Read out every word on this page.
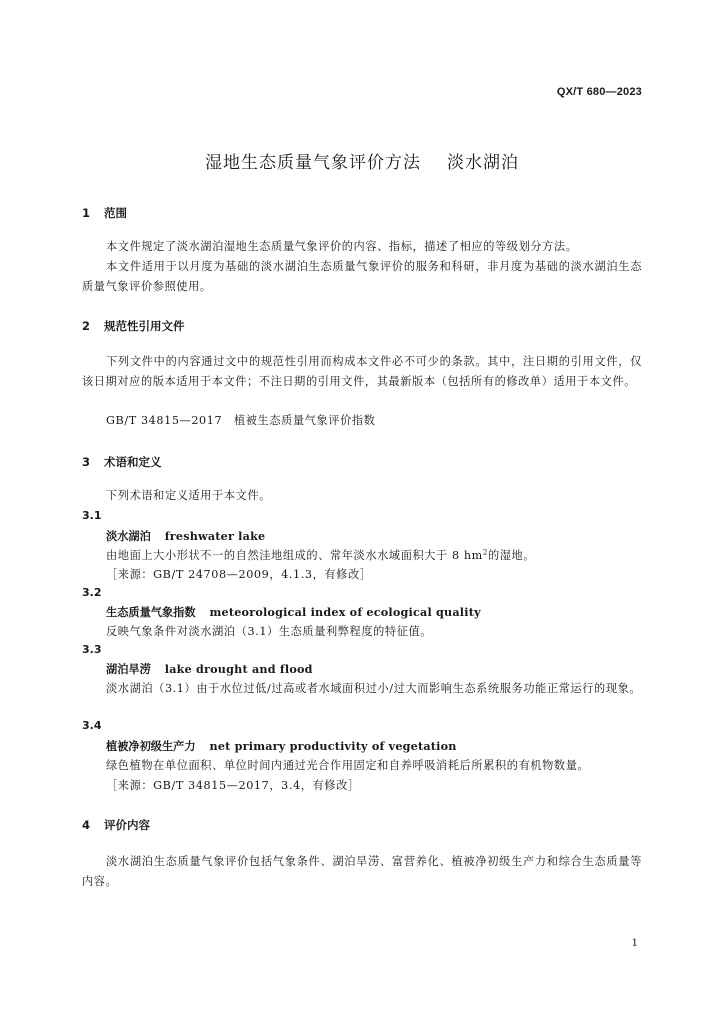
QX/T 680—2023
湿地生态质量气象评价方法 淡水湖泊
1 范围
本文件规定了淡水湖泊湿地生态质量气象评价的内容、指标，描述了相应的等级划分方法。
本文件适用于以月度为基础的淡水湖泊生态质量气象评价的服务和科研，非月度为基础的淡水湖泊生态质量气象评价参照使用。
2 规范性引用文件
下列文件中的内容通过文中的规范性引用而构成本文件必不可少的条款。其中，注日期的引用文件，仅该日期对应的版本适用于本文件；不注日期的引用文件，其最新版本（包括所有的修改单）适用于本文件。
GB/T 34815—2017　植被生态质量气象评价指数
3 术语和定义
下列术语和定义适用于本文件。
3.1
淡水湖泊 freshwater lake
由地面上大小形状不一的自然洼地组成的、常年淡水水域面积大于 8 $hm^2$的湿地。
［来源：GB/T 24708—2009，4.1.3，有修改］
3.2
生态质量气象指数 meteorological index of ecological quality
反映气象条件对淡水湖泊（3.1）生态质量利弊程度的特征值。
3.3
湖泊旱涝 lake drought and flood
淡水湖泊（3.1）由于水位过低/过高或者水域面积过小/过大而影响生态系统服务功能正常运行的现象。
3.4
植被净初级生产力 net primary productivity of vegetation
绿色植物在单位面积、单位时间内通过光合作用固定和自养呼吸消耗后所累积的有机物数量。
［来源：GB/T 34815—2017，3.4，有修改］
4 评价内容
淡水湖泊生态质量气象评价包括气象条件、湖泊旱涝、富营养化、植被净初级生产力和综合生态质量等内容。
1
